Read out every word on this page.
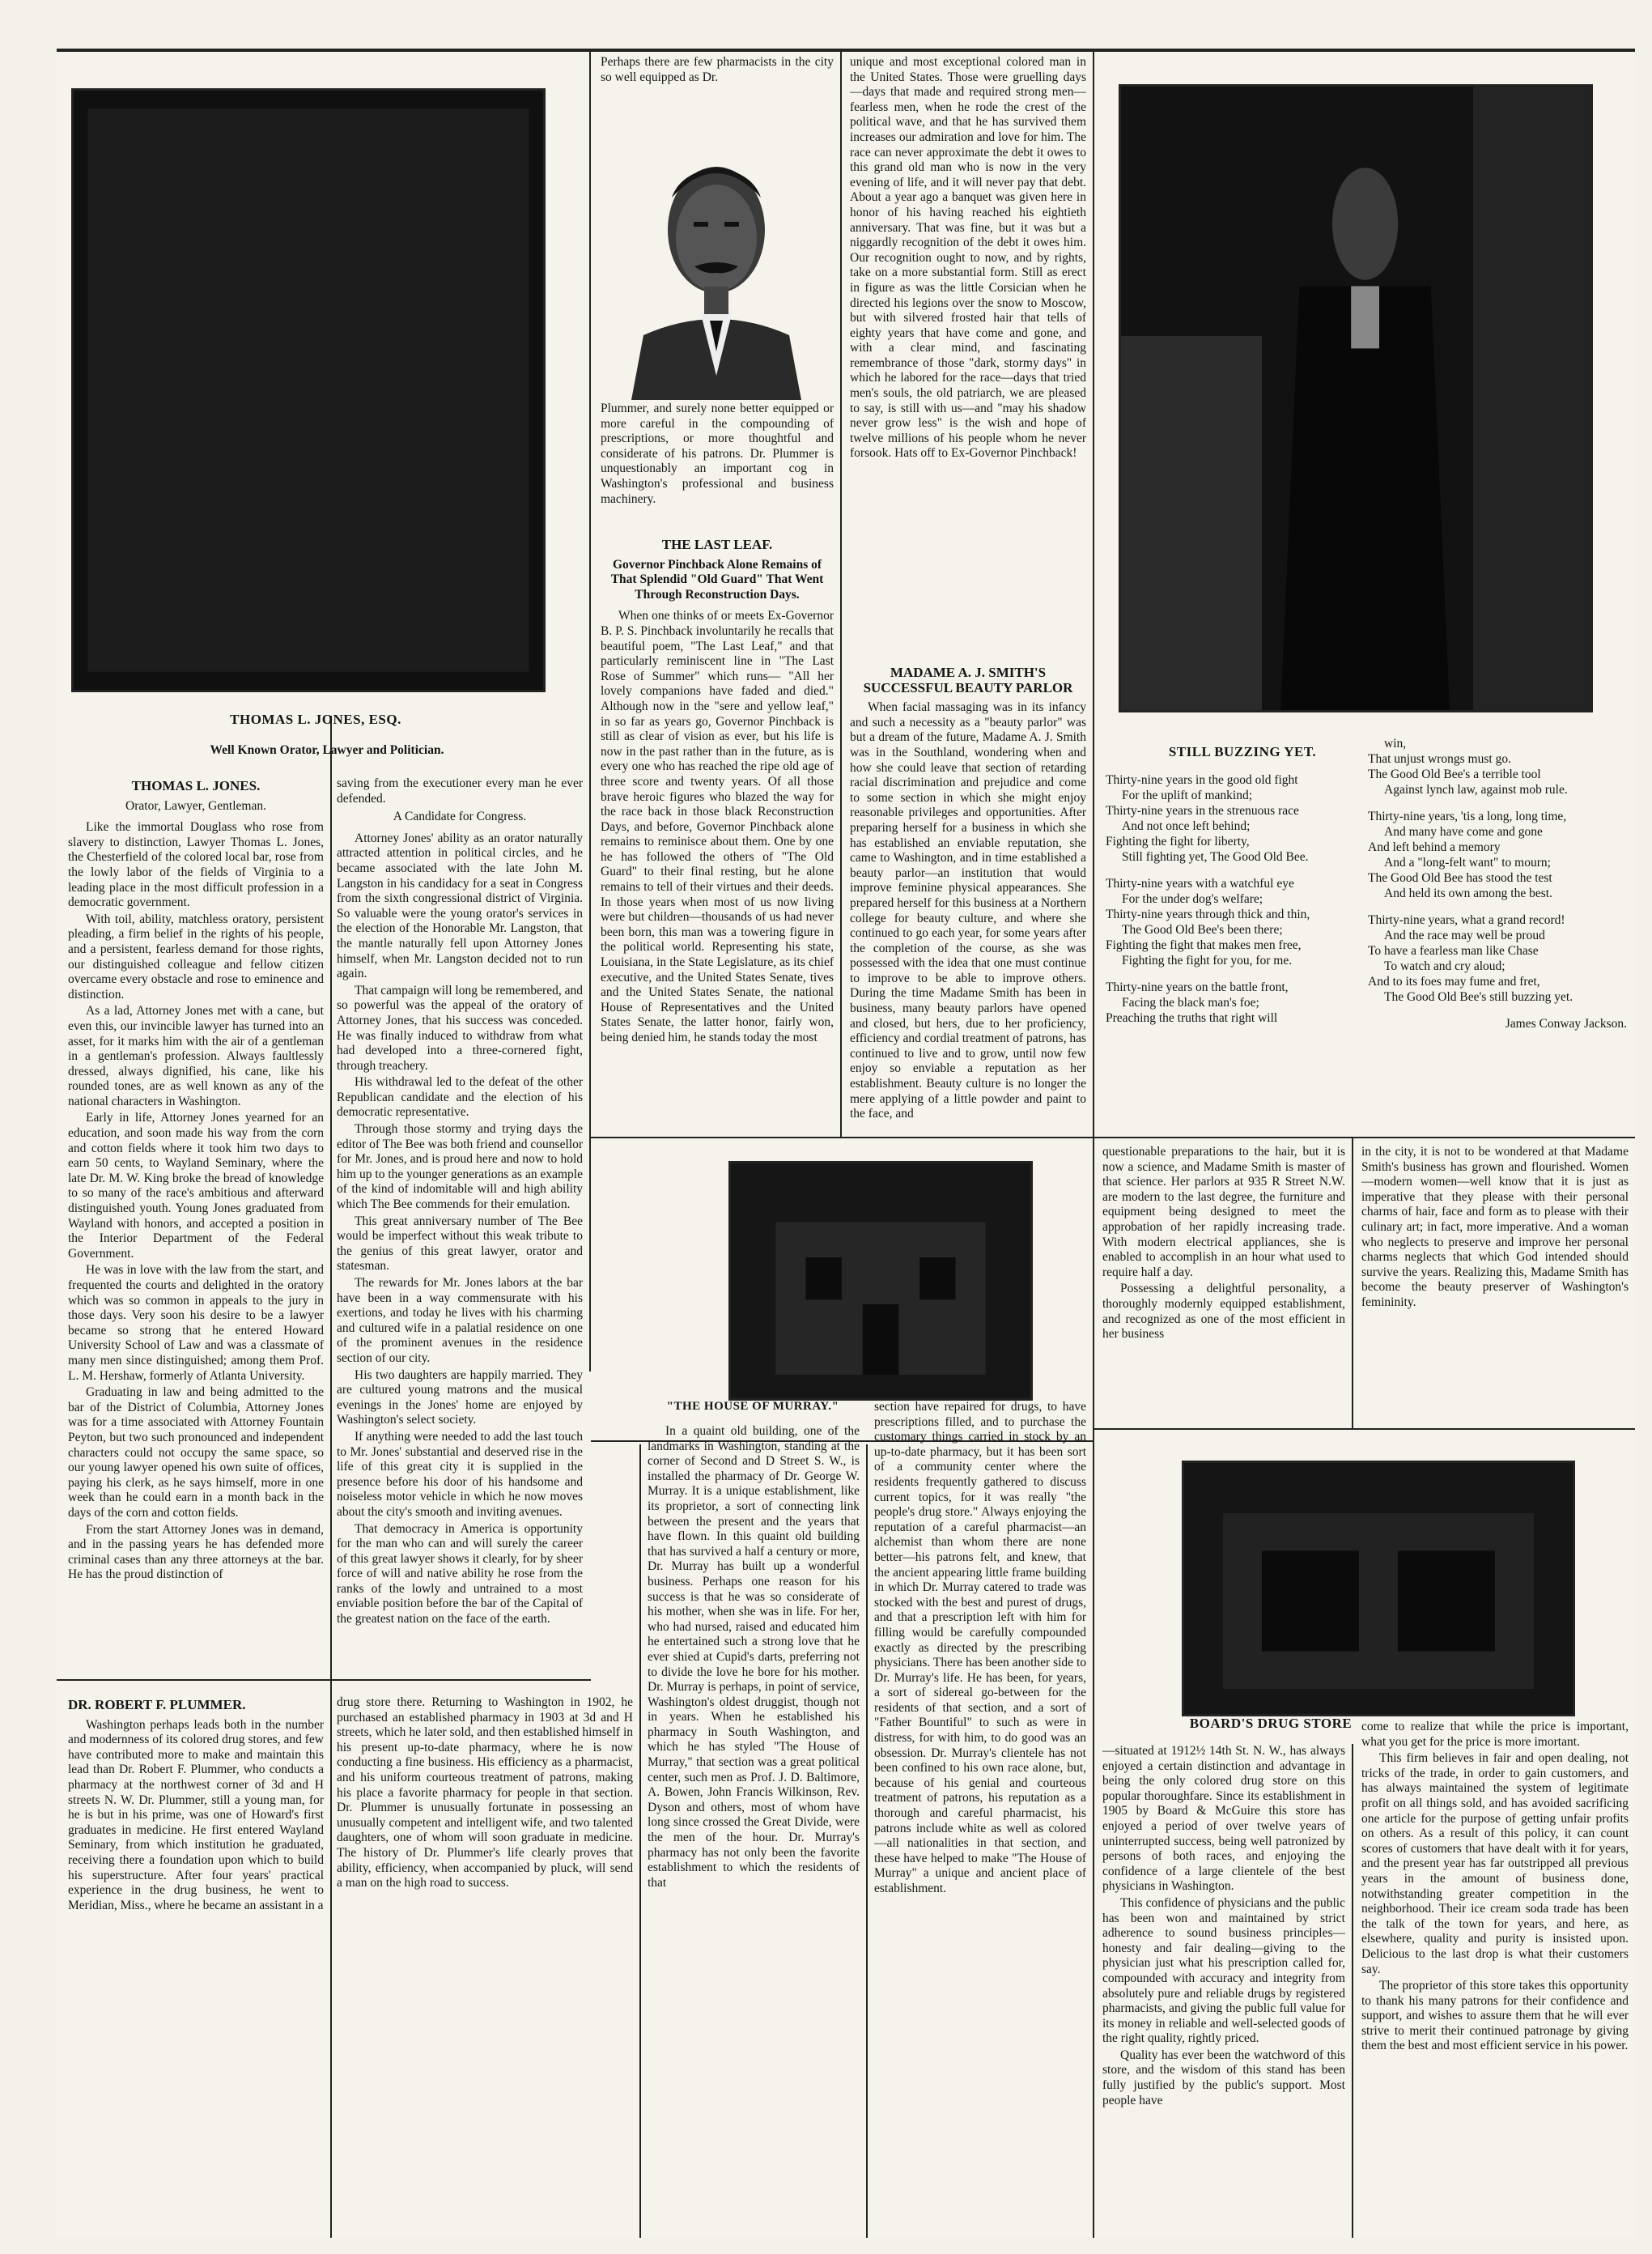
THOMAS L. JONES, ESQ.
Well Known Orator, Lawyer and Politician.
THOMAS L. JONES.
Orator, Lawyer, Gentleman.

Like the immortal Douglass who rose from slavery to distinction, Lawyer Thomas L. Jones, the Chesterfield of the colored local bar, rose from the lowly labor of the fields of Virginia to a leading place in the most difficult profession in a democratic government.

With toil, ability, matchless oratory, persistent pleading, a firm belief in the rights of his people, and a persistent, fearless demand for those rights, our distinguished colleague and fellow citizen overcame every obstacle and rose to eminence and distinction.

As a lad, Attorney Jones met with a cane, but even this, our invincible lawyer has turned into an asset, for it marks him with the air of a gentleman in a gentleman's profession. Always faultlessly dressed, always dignified, his cane, like his rounded tones, are as well known as any of the national characters in Washington.

Early in life, Attorney Jones yearned for an education, and soon made his way from the corn and cotton fields where it took him two days to earn 50 cents, to Wayland Seminary, where the late Dr. M. W. King broke the bread of knowledge to so many of the race's ambitious and afterward distinguished youth. Young Jones graduated from Wayland with honors, and accepted a position in the Interior Department of the Federal Government.

He was in love with the law from the start, and frequented the courts and delighted in the oratory which was so common in appeals to the jury in those days. Very soon his desire to be a lawyer became so strong that he entered Howard University School of Law and was a classmate of many men since distinguished; among them Prof. L. M. Hershaw, formerly of Atlanta University.

Graduating in law and being admitted to the bar of the District of Columbia, Attorney Jones was for a time associated with Attorney Fountain Peyton, but two such pronounced and independent characters could not occupy the same space, so our young lawyer opened his own suite of offices, paying his clerk, as he says himself, more in one week than he could earn in a month back in the days of the corn and cotton fields.

From the start Attorney Jones was in demand, and in the passing years he has defended more criminal cases than any three attorneys at the bar. He has the proud distinction of

saving from the executioner every man he ever defended.

A Candidate for Congress.

Attorney Jones' ability as an orator naturally attracted attention in political circles, and he became associated with the late John M. Langston in his candidacy for a seat in Congress from the sixth congressional district of Virginia. So valuable were the young orator's services in the election of the Honorable Mr. Langston, that the mantle naturally fell upon Attorney Jones himself, when Mr. Langston decided not to run again.

That campaign will long be remembered, and so powerful was the appeal of the oratory of Attorney Jones, that his success was conceded. He was finally induced to withdraw from what had developed into a three-cornered fight, through treachery.

His withdrawal led to the defeat of the other Republican candidate and the election of his democratic representative.

Through those stormy and trying days the editor of The Bee was both friend and counsellor for Mr. Jones, and is proud here and now to hold him up to the younger generations as an example of the kind of indomitable will and high ability which The Bee commends for their emulation.

This great anniversary number of The Bee would be imperfect without this weak tribute to the genius of this great lawyer, orator and statesman.

The rewards for Mr. Jones labors at the bar have been in a way commensurate with his exertions, and today he lives with his charming and cultured wife in a palatial residence on one of the prominent avenues in the residence section of our city.

His two daughters are happily married. They are cultured young matrons and the musical evenings in the Jones' home are enjoyed by Washington's select society.

If anything were needed to add the last touch to Mr. Jones' substantial and deserved rise in the life of this great city it is supplied in the presence before his door of his handsome and noiseless motor vehicle in which he now moves about the city's smooth and inviting avenues.

That democracy in America is opportunity for the man who can and will surely the career of this great lawyer shows it clearly, for by sheer force of will and native ability he rose from the ranks of the lowly and untrained to a most enviable position before the bar of the Capital of the greatest nation on the face of the earth.

Perhaps there are few pharmacists in the city so well equipped as Dr.

Plummer, and surely none better equipped or more careful in the compounding of prescriptions, or more thoughtful and considerate of his patrons. Dr. Plummer is unquestionably an important cog in Washington's professional and business machinery.

THE LAST LEAF.
Governor Pinchback Alone Remains of That Splendid "Old Guard" That Went Through Reconstruction Days.

When one thinks of or meets Ex-Governor B. P. S. Pinchback involuntarily he recalls that beautiful poem, "The Last Leaf," and that particularly reminiscent line in "The Last Rose of Summer" which runs— "All her lovely companions have faded and died." Although now in the "sere and yellow leaf," in so far as years go, Governor Pinchback is still as clear of vision as ever, but his life is now in the past rather than in the future, as is every one who has reached the ripe old age of three score and twenty years. Of all those brave heroic figures who blazed the way for the race back in those black Reconstruction Days, and before, Governor Pinchback alone remains to reminisce about them. One by one he has followed the others of "The Old Guard" to their final resting, but he alone remains to tell of their virtues and their deeds. In those years when most of us now living were but children—thousands of us had never been born, this man was a towering figure in the political world. Representing his state, Louisiana, in the State Legislature, as its chief executive, and the United States Senate, tives and the United States Senate, the national House of Representatives and the United States Senate, the latter honor, fairly won, being denied him, he stands today the most

unique and most exceptional colored man in the United States. Those were gruelling days—days that made and required strong men—fearless men, when he rode the crest of the political wave, and that he has survived them increases our admiration and love for him. The race can never approximate the debt it owes to this grand old man who is now in the very evening of life, and it will never pay that debt. About a year ago a banquet was given here in honor of his having reached his eightieth anniversary. That was fine, but it was but a niggardly recognition of the debt it owes him. Our recognition ought to now, and by rights, take on a more substantial form. Still as erect in figure as was the little Corsician when he directed his legions over the snow to Moscow, but with silvered frosted hair that tells of eighty years that have come and gone, and with a clear mind, and fascinating remembrance of those "dark, stormy days" in which he labored for the race—days that tried men's souls, the old patriarch, we are pleased to say, is still with us—and "may his shadow never grow less" is the wish and hope of twelve millions of his people whom he never forsook. Hats off to Ex-Governor Pinchback!

MADAME A. J. SMITH'S SUCCESSFUL BEAUTY PARLOR

When facial massaging was in its infancy and such a necessity as a "beauty parlor" was but a dream of the future, Madame A. J. Smith was in the Southland, wondering when and how she could leave that section of retarding racial discrimination and prejudice and come to some section in which she might enjoy reasonable privileges and opportunities. After preparing herself for a business in which she has established an enviable reputation, she came to Washington, and in time established a beauty parlor—an institution that would improve feminine physical appearances. She prepared herself for this business at a Northern college for beauty culture, and where she continued to go each year, for some years after the completion of the course, as she was possessed with the idea that one must continue to improve to be able to improve others. During the time Madame Smith has been in business, many beauty parlors have opened and closed, but hers, due to her proficiency, efficiency and cordial treatment of patrons, has continued to live and to grow, until now few enjoy so enviable a reputation as her establishment. Beauty culture is no longer the mere applying of a little powder and paint to the face, and

questionable preparations to the hair, but it is now a science, and Madame Smith is master of that science. Her parlors at 935 R Street N.W. are modern to the last degree, the furniture and equipment being designed to meet the approbation of her rapidly increasing trade. With modern electrical appliances, she is enabled to accomplish in an hour what used to require half a day.

Possessing a delightful personality, a thoroughly modernly equipped establishment, and recognized as one of the most efficient in her business

in the city, it is not to be wondered at that Madame Smith's business has grown and flourished. Women—modern women—well know that it is just as imperative that they please with their personal charms of hair, face and form as to please with their culinary art; in fact, more imperative. And a woman who neglects to preserve and improve her personal charms neglects that which God intended should survive the years. Realizing this, Madame Smith has become the beauty preserver of Washington's femininity.

STILL BUZZING YET.
Thirty-nine years in the good old fight
For the uplift of mankind;
Thirty-nine years in the strenuous race
And not once left behind;
Fighting the fight for liberty,
Still fighting yet, The Good Old Bee.
Thirty-nine years with a watchful eye
For the under dog's welfare;
Thirty-nine years through thick and thin,
The Good Old Bee's been there;
Fighting the fight that makes men free,
Fighting the fight for you, for me.
Thirty-nine years on the battle front,
Facing the black man's foe;
Preaching the truths that right will
win,
That unjust wrongs must go.
The Good Old Bee's a terrible tool
Against lynch law, against mob rule.
Thirty-nine years, 'tis a long, long time,
And many have come and gone
And left behind a memory
And a "long-felt want" to mourn;
The Good Old Bee has stood the test
And held its own among the best.
Thirty-nine years, what a grand record!
And the race may well be proud
To have a fearless man like Chase
To watch and cry aloud;
And to its foes may fume and fret,
The Good Old Bee's still buzzing yet.
James Conway Jackson.
"THE HOUSE OF MURRAY."

In a quaint old building, one of the landmarks in Washington, standing at the corner of Second and D Street S. W., is installed the pharmacy of Dr. George W. Murray. It is a unique establishment, like its proprietor, a sort of connecting link between the present and the years that have flown. In this quaint old building that has survived a half a century or more, Dr. Murray has built up a wonderful business. Perhaps one reason for his success is that he was so considerate of his mother, when she was in life. For her, who had nursed, raised and educated him he entertained such a strong love that he ever shied at Cupid's darts, preferring not to divide the love he bore for his mother. Dr. Murray is perhaps, in point of service, Washington's oldest druggist, though not in years. When he established his pharmacy in South Washington, and which he has styled "The House of Murray," that section was a great political center, such men as Prof. J. D. Baltimore, A. Bowen, John Francis Wilkinson, Rev. Dyson and others, most of whom have long since crossed the Great Divide, were the men of the hour. Dr. Murray's pharmacy has not only been the favorite establishment to which the residents of that

section have repaired for drugs, to have prescriptions filled, and to purchase the customary things carried in stock by an up-to-date pharmacy, but it has been sort of a community center where the residents frequently gathered to discuss current topics, for it was really "the people's drug store." Always enjoying the reputation of a careful pharmacist—an alchemist than whom there are none better—his patrons felt, and knew, that the ancient appearing little frame building in which Dr. Murray catered to trade was stocked with the best and purest of drugs, and that a prescription left with him for filling would be carefully compounded exactly as directed by the prescribing physicians. There has been another side to Dr. Murray's life. He has been, for years, a sort of sidereal go-between for the residents of that section, and a sort of "Father Bountiful" to such as were in distress, for with him, to do good was an obsession. Dr. Murray's clientele has not been confined to his own race alone, but, because of his genial and courteous treatment of patrons, his reputation as a thorough and careful pharmacist, his patrons include white as well as colored—all nationalities in that section, and these have helped to make "The House of Murray" a unique and ancient place of establishment.

DR. ROBERT F. PLUMMER.

Washington perhaps leads both in the number and modernness of its colored drug stores, and few have contributed more to make and maintain this lead than Dr. Robert F. Plummer, who conducts a pharmacy at the northwest corner of 3d and H streets N. W. Dr. Plummer, still a young man, for he is but in his prime, was one of Howard's first graduates in medicine. He first entered Wayland Seminary, from which institution he graduated, receiving there a foundation upon which to build his superstructure. After four years' practical experience in the drug business, he went to Meridian, Miss., where he became an assistant in a

drug store there. Returning to Washington in 1902, he purchased an established pharmacy in 1903 at 3d and H streets, which he later sold, and then established himself in his present up-to-date pharmacy, where he is now conducting a fine business. His efficiency as a pharmacist, and his uniform courteous treatment of patrons, making his place a favorite pharmacy for people in that section. Dr. Plummer is unusually fortunate in possessing an unusually competent and intelligent wife, and two talented daughters, one of whom will soon graduate in medicine. The history of Dr. Plummer's life clearly proves that ability, efficiency, when accompanied by pluck, will send a man on the high road to success.

BOARD'S DRUG STORE

—situated at 1912½ 14th St. N. W., has always enjoyed a certain distinction and advantage in being the only colored drug store on this popular thoroughfare. Since its establishment in 1905 by Board & McGuire this store has enjoyed a period of over twelve years of uninterrupted success, being well patronized by persons of both races, and enjoying the confidence of a large clientele of the best physicians in Washington.

This confidence of physicians and the public has been won and maintained by strict adherence to sound business principles—honesty and fair dealing—giving to the physician just what his prescription called for, compounded with accuracy and integrity from absolutely pure and reliable drugs by registered pharmacists, and giving the public full value for its money in reliable and well-selected goods of the right quality, rightly priced.

Quality has ever been the watchword of this store, and the wisdom of this stand has been fully justified by the public's support. Most people have

come to realize that while the price is important, what you get for the price is more imortant.

This firm believes in fair and open dealing, not tricks of the trade, in order to gain customers, and has always maintained the system of legitimate profit on all things sold, and has avoided sacrificing one article for the purpose of getting unfair profits on others. As a result of this policy, it can count scores of customers that have dealt with it for years, and the present year has far outstripped all previous years in the amount of business done, notwithstanding greater competition in the neighborhood. Their ice cream soda trade has been the talk of the town for years, and here, as elsewhere, quality and purity is insisted upon. Delicious to the last drop is what their customers say.

The proprietor of this store takes this opportunity to thank his many patrons for their confidence and support, and wishes to assure them that he will ever strive to merit their continued patronage by giving them the best and most efficient service in his power.
